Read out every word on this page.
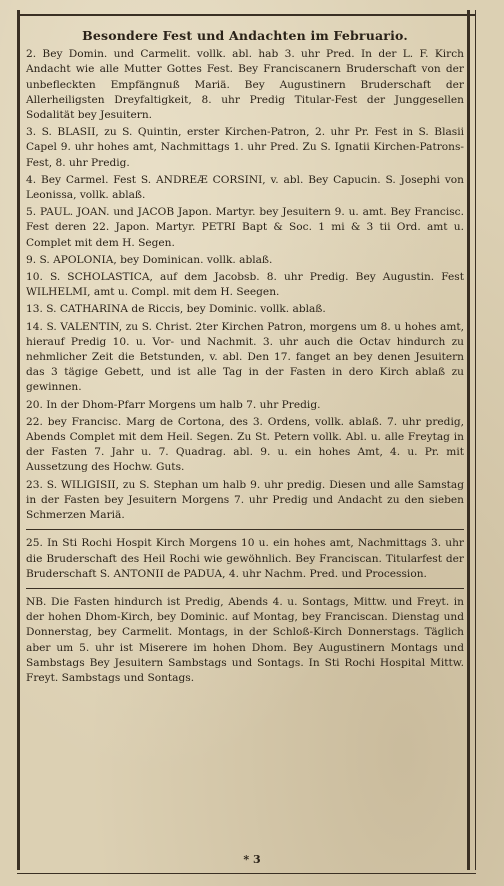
Besondere Fest und Andachten im Februario.
2. Bey Domin. und Carmelit. vollk. abl. hab 3. uhr Pred. In der L. F. Kirch Andacht wie alle Mutter Gottes Fest. Bey Franciscanern Bruderschaft von der unbefleckten Empfängnuß Mariä. Bey Augustinern Bruderschaft der Allerheiligsten Dreyfaltigkeit, 8. uhr Predig Titular-Fest der Junggesellen Sodalität bey Jesuitern.
3. S. BLASII, zu S. Quintin, erster Kirchen-Patron, 2. uhr Pr. Fest in S. Blasii Capel 9. uhr hohes amt, Nachmittags 1. uhr Pred. Zu S. Ignatii Kirchen-Patrons-Fest, 8. uhr Predig.
4. Bey Carmel. Fest S. ANDREÆ CORSINI, v. abl. Bey Capucin. S. Josephi von Leonissa, vollk. ablaß.
5. PAUL. JOAN. und JACOB Japon. Martyr. bey Jesuitern 9. u. amt. Bey Francisc. Fest deren 22. Japon. Martyr. PETRI Bapt & Soc. 1 mi & 3 tii Ord. amt u. Complet mit dem H. Segen.
9. S. APOLONIA, bey Dominican. vollk. ablaß.
10. S. SCHOLASTICA, auf dem Jacobsb. 8. uhr Predig. Bey Augustin. Fest WILHELMI, amt u. Compl. mit dem H. Seegen.
13. S. CATHARINA de Riccis, bey Dominic. vollk. ablaß.
14. S. VALENTIN, zu S. Christ. 2ter Kirchen Patron, morgens um 8. u hohes amt, hierauf Predig 10. u. Vor- und Nachmit. 3. uhr auch die Octav hindurch zu nehmlicher Zeit die Betstunden, v. abl. Den 17. fanget an bey denen Jesuitern das 3 tägige Gebett, und ist alle Tag in der Fasten in dero Kirch ablaß zu gewinnen.
20. In der Dhom-Pfarr Morgens um halb 7. uhr Predig.
22. bey Francisc. Marg de Cortona, des 3. Ordens, vollk. ablaß. 7. uhr predig, Abends Complet mit dem Heil. Segen. Zu St. Petern vollk. Abl. u. alle Freytag in der Fasten 7. Jahr u. 7. Quadrag. abl. 9. u. ein hohes Amt, 4. u. Pr. mit Aussetzung des Hochw. Guts.
23. S. WILIGISII, zu S. Stephan um halb 9. uhr predig. Diesen und alle Samstag in der Fasten bey Jesuitern Morgens 7. uhr Predig und Andacht zu den sieben Schmerzen Mariä.
25. In Sti Rochi Hospit Kirch Morgens 10 u. ein hohes amt, Nachmittags 3. uhr die Bruderschaft des Heil Rochi wie gewöhnlich. Bey Franciscan. Titularfest der Bruderschaft S. ANTONII de PADUA, 4. uhr Nachm. Pred. und Procession.
NB. Die Fasten hindurch ist Predig, Abends 4. u. Sontags, Mittw. und Freyt. in der hohen Dhom-Kirch, bey Dominic. auf Montag, bey Franciscan. Dienstag und Donnerstag, bey Carmelit. Montags, in der Schloß-Kirch Donnerstags. Täglich aber um 5. uhr ist Miserere im hohen Dhom. Bey Augustinern Montags und Sambstags Bey Jesuitern Sambstags und Sontags. In Sti Rochi Hospital Mittw. Freyt. Sambstags und Sontags.
* 3
